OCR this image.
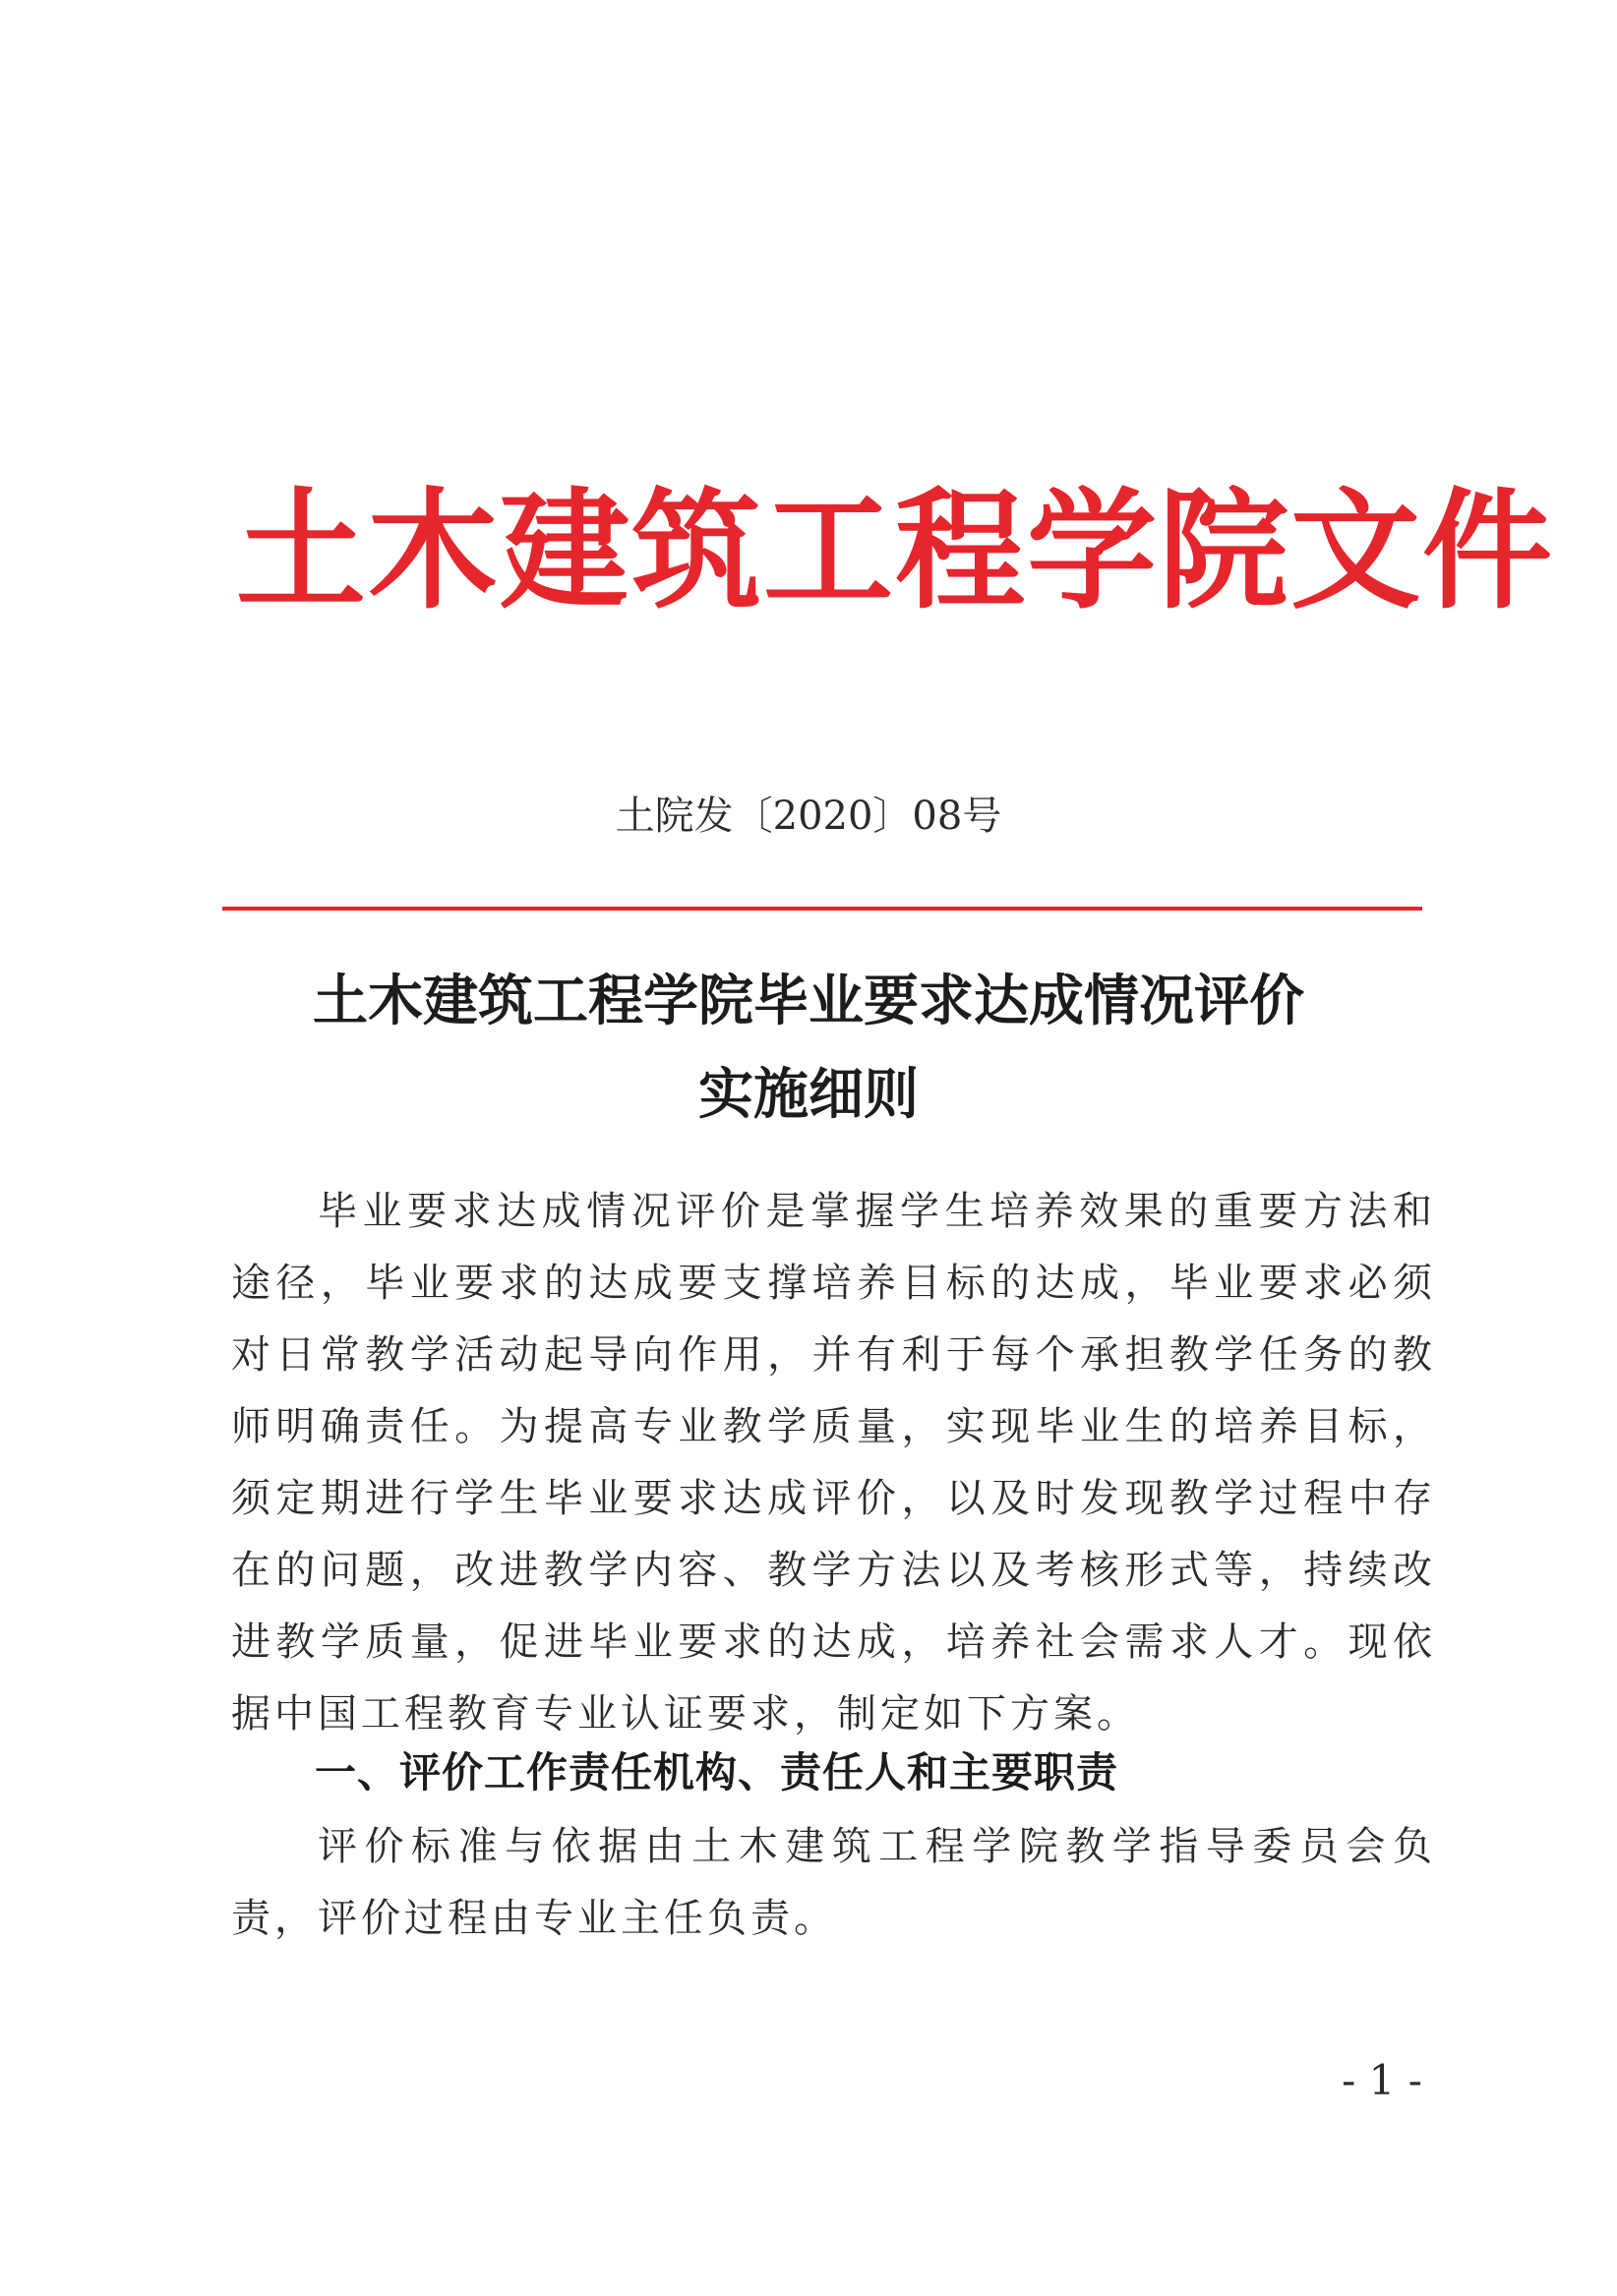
土木建筑工程学院文件
土院发〔2020〕08号
土木建筑工程学院毕业要求达成情况评价
实施细则
毕业要求达成情况评价是掌握学生培养效果的重要方法和途径，毕业要求的达成要支撑培养目标的达成，毕业要求必须对日常教学活动起导向作用，并有利于每个承担教学任务的教师明确责任。为提高专业教学质量，实现毕业生的培养目标，须定期进行学生毕业要求达成评价，以及时发现教学过程中存在的问题，改进教学内容、教学方法以及考核形式等，持续改进教学质量，促进毕业要求的达成，培养社会需求人才。现依据中国工程教育专业认证要求，制定如下方案。
一、评价工作责任机构、责任人和主要职责
评价标准与依据由土木建筑工程学院教学指导委员会负责，评价过程由专业主任负责。
- 1 -
